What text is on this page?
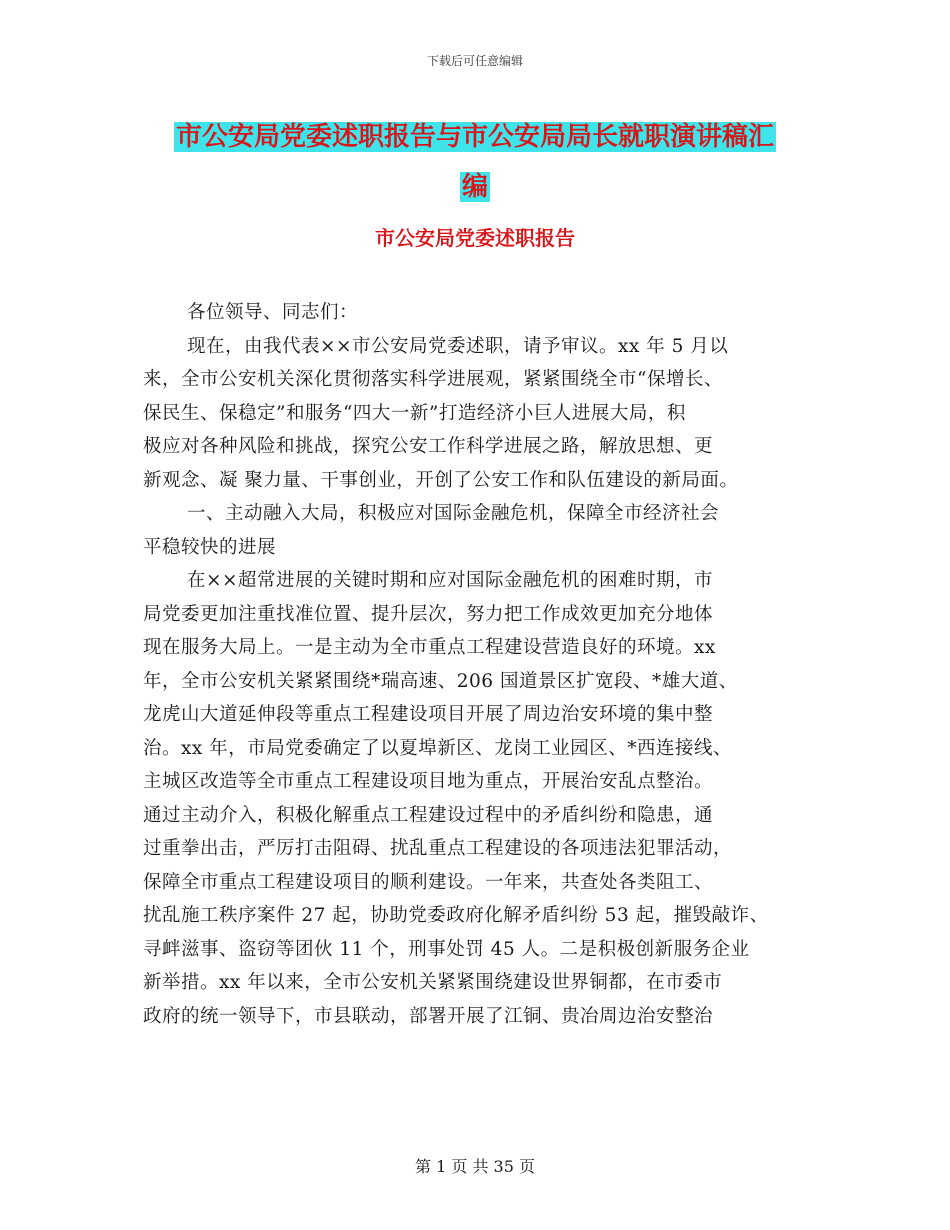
下载后可任意编辑
市公安局党委述职报告与市公安局局长就职演讲稿汇
编
市公安局党委述职报告
各位领导、同志们：
现在，由我代表××市公安局党委述职，请予审议。xx 年 5 月以
来，全市公安机关深化贯彻落实科学进展观，紧紧围绕全市“保增长、
保民生、保稳定”和服务“四大一新”打造经济小巨人进展大局，积
极应对各种风险和挑战，探究公安工作科学进展之路，解放思想、更
新观念、凝 聚力量、干事创业，开创了公安工作和队伍建设的新局面。
一、主动融入大局，积极应对国际金融危机，保障全市经济社会
平稳较快的进展
在××超常进展的关键时期和应对国际金融危机的困难时期，市
局党委更加注重找准位置、提升层次，努力把工作成效更加充分地体
现在服务大局上。一是主动为全市重点工程建设营造良好的环境。xx
年，全市公安机关紧紧围绕*瑞高速、206 国道景区扩宽段、*雄大道、
龙虎山大道延伸段等重点工程建设项目开展了周边治安环境的集中整
治。xx 年，市局党委确定了以夏埠新区、龙岗工业园区、*西连接线、
主城区改造等全市重点工程建设项目地为重点，开展治安乱点整治。
通过主动介入，积极化解重点工程建设过程中的矛盾纠纷和隐患，通
过重拳出击，严厉打击阻碍、扰乱重点工程建设的各项违法犯罪活动，
保障全市重点工程建设项目的顺利建设。一年来，共查处各类阻工、
扰乱施工秩序案件 27 起，协助党委政府化解矛盾纠纷 53 起，摧毁敲诈、
寻衅滋事、盗窃等团伙 11 个，刑事处罚 45 人。二是积极创新服务企业
新举措。xx 年以来，全市公安机关紧紧围绕建设世界铜都，在市委市
政府的统一领导下，市县联动，部署开展了江铜、贵冶周边治安整治
第 1 页 共 35 页
